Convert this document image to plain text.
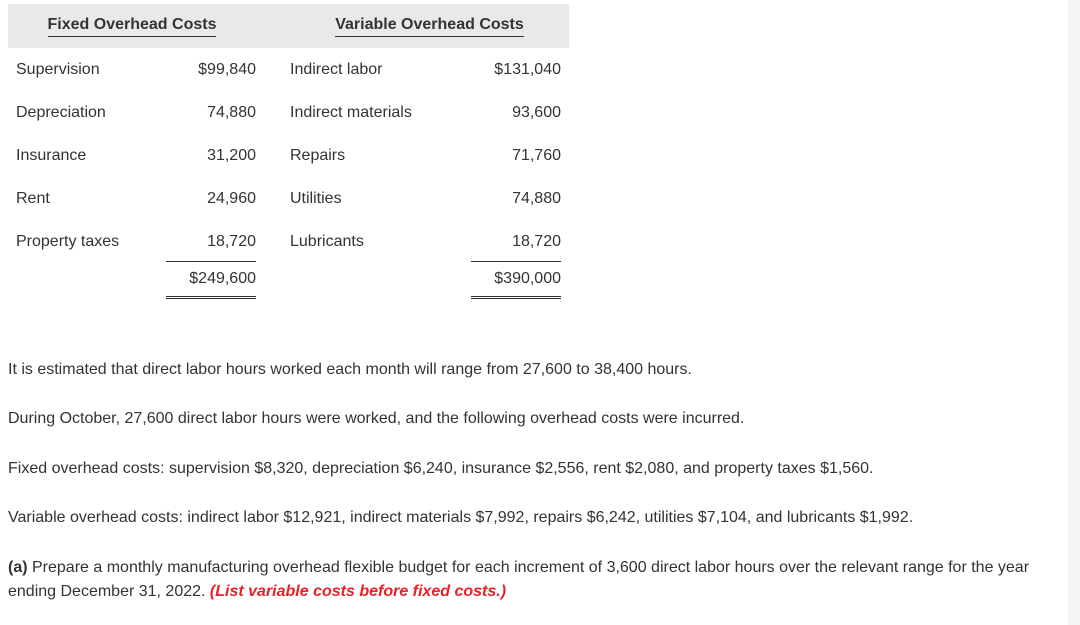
Fixed Overhead Costs			Variable Overhead Costs	
Supervision	$99,840		Indirect labor	$131,040
Depreciation	74,880		Indirect materials	93,600
Insurance	31,200		Repairs	71,760
Rent	24,960		Utilities	74,880
Property taxes	18,720		Lubricants	18,720
	$249,600			$390,000

It is estimated that direct labor hours worked each month will range from 27,600 to 38,400 hours.

During October, 27,600 direct labor hours were worked, and the following overhead costs were incurred.

Fixed overhead costs: supervision $8,320, depreciation $6,240, insurance $2,556, rent $2,080, and property taxes $1,560.

Variable overhead costs: indirect labor $12,921, indirect materials $7,992, repairs $6,242, utilities $7,104, and lubricants $1,992.

(a) Prepare a monthly manufacturing overhead flexible budget for each increment of 3,600 direct labor hours over the relevant range for the year ending December 31, 2022. (List variable costs before fixed costs.)
